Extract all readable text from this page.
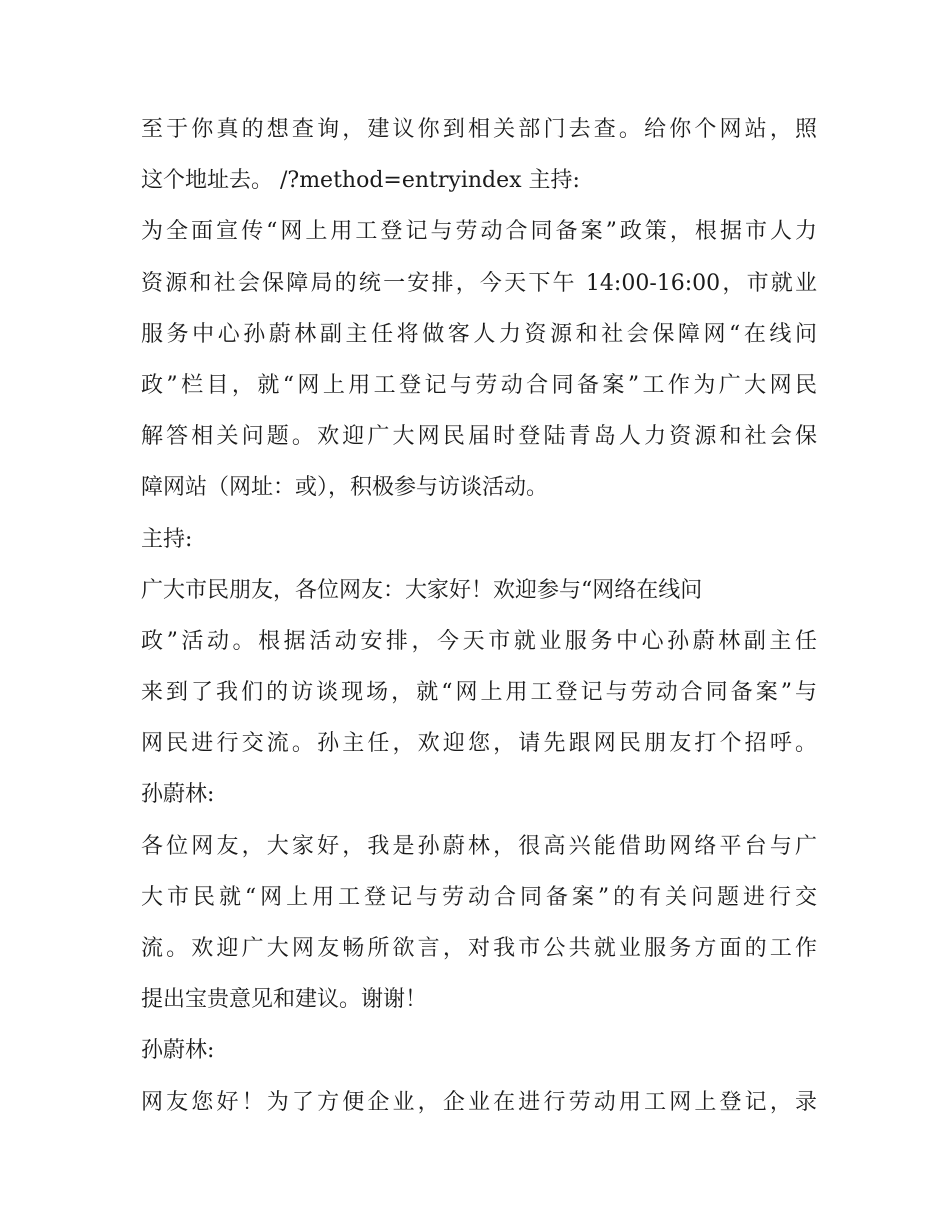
至于你真的想查询，建议你到相关部门去查。给你个网站，照
这个地址去。 /?method=entryindex 主持:
为全面宣传“网上用工登记与劳动合同备案”政策，根据市人力
资源和社会保障局的统一安排，今天下午 14:00-16:00，市就业
服务中心孙蔚林副主任将做客人力资源和社会保障网“在线问
政”栏目，就“网上用工登记与劳动合同备案”工作为广大网民
解答相关问题。欢迎广大网民届时登陆青岛人力资源和社会保
障网站（网址：或），积极参与访谈活动。
主持:
广大市民朋友，各位网友：大家好！欢迎参与“网络在线问
政”活动。根据活动安排，今天市就业服务中心孙蔚林副主任
来到了我们的访谈现场，就“网上用工登记与劳动合同备案”与
网民进行交流。孙主任，欢迎您，请先跟网民朋友打个招呼。
孙蔚林:
各位网友，大家好，我是孙蔚林，很高兴能借助网络平台与广
大市民就“网上用工登记与劳动合同备案”的有关问题进行交
流。欢迎广大网友畅所欲言，对我市公共就业服务方面的工作
提出宝贵意见和建议。谢谢！
孙蔚林:
网友您好！为了方便企业，企业在进行劳动用工网上登记，录
